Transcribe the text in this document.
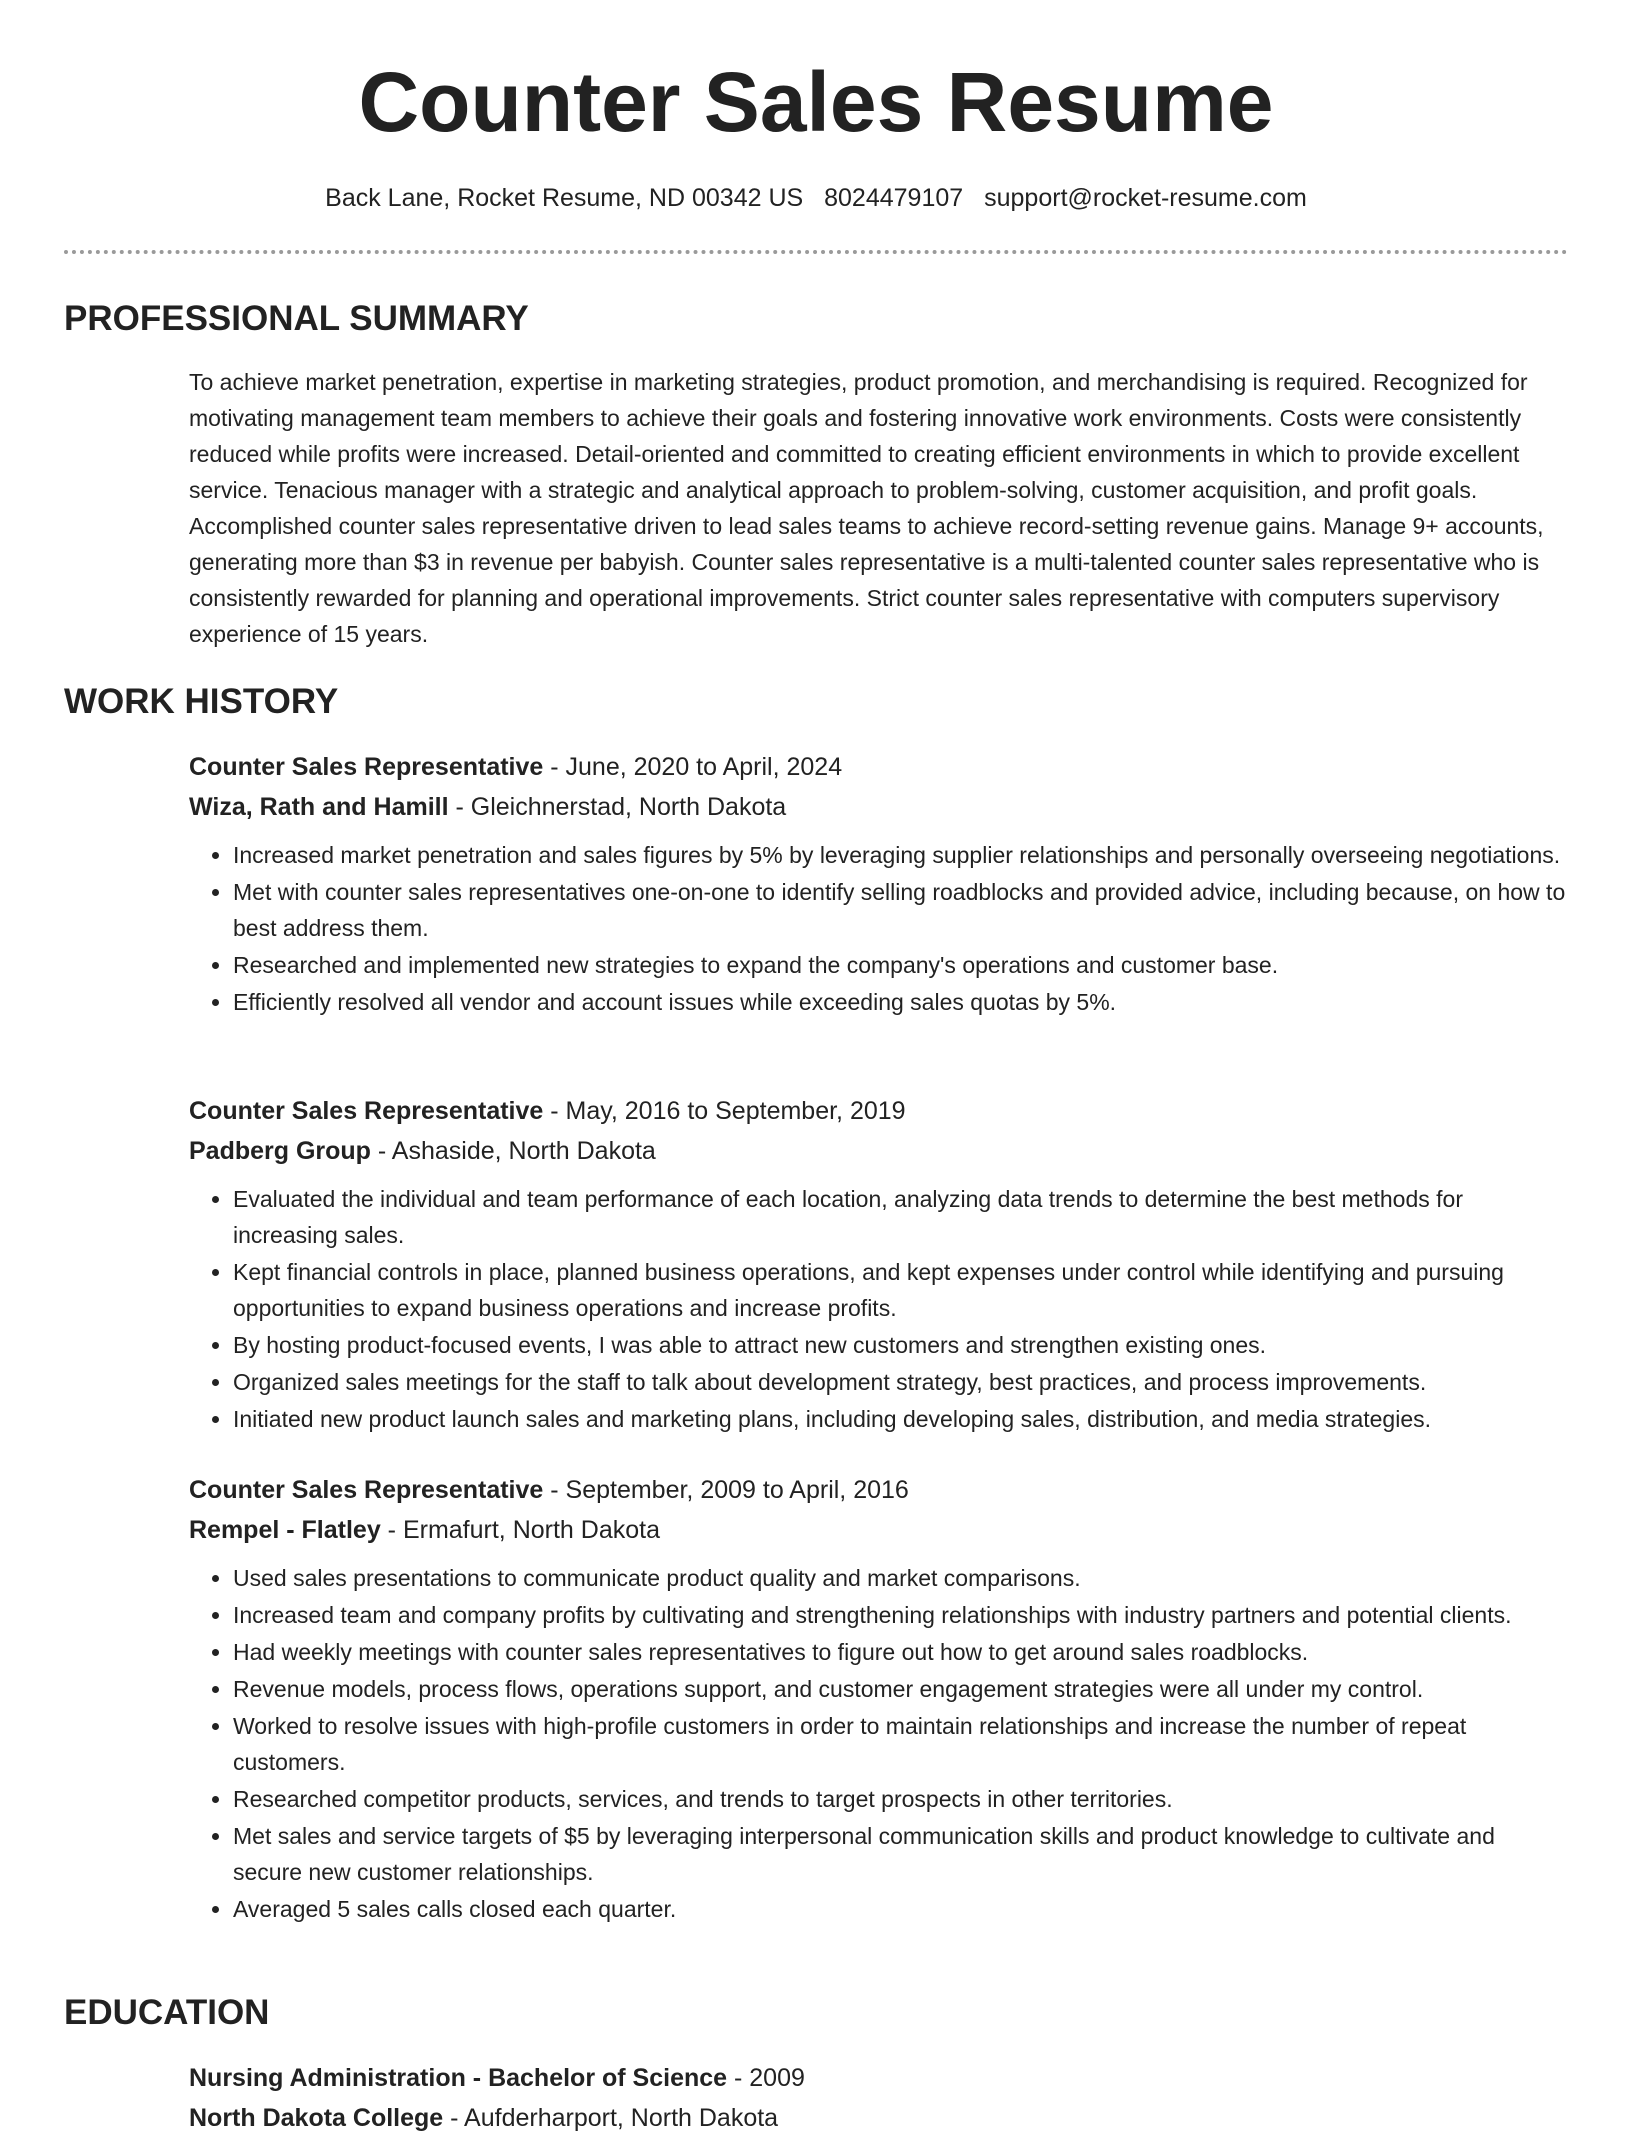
Counter Sales Resume
Back Lane, Rocket Resume, ND 00342 US 8024479107 support@rocket-resume.com
PROFESSIONAL SUMMARY

To achieve market penetration, expertise in marketing strategies, product promotion, and merchandising is required. Recognized for motivating management team members to achieve their goals and fostering innovative work environments. Costs were consistently reduced while profits were increased. Detail-oriented and committed to creating efficient environments in which to provide excellent service. Tenacious manager with a strategic and analytical approach to problem-solving, customer acquisition, and profit goals. Accomplished counter sales representative driven to lead sales teams to achieve record-setting revenue gains. Manage 9+ accounts, generating more than $3 in revenue per babyish. Counter sales representative is a multi-talented counter sales representative who is consistently rewarded for planning and operational improvements. Strict counter sales representative with computers supervisory experience of 15 years.

WORK HISTORY
Counter Sales Representative - June, 2020 to April, 2024
Wiza, Rath and Hamill - Gleichnerstad, North Dakota
• Increased market penetration and sales figures by 5% by leveraging supplier relationships and personally overseeing negotiations.
• Met with counter sales representatives one-on-one to identify selling roadblocks and provided advice, including because, on how to best address them.
• Researched and implemented new strategies to expand the company's operations and customer base.
• Efficiently resolved all vendor and account issues while exceeding sales quotas by 5%.
Counter Sales Representative - May, 2016 to September, 2019
Padberg Group - Ashaside, North Dakota
• Evaluated the individual and team performance of each location, analyzing data trends to determine the best methods for increasing sales.
• Kept financial controls in place, planned business operations, and kept expenses under control while identifying and pursuing opportunities to expand business operations and increase profits.
• By hosting product-focused events, I was able to attract new customers and strengthen existing ones.
• Organized sales meetings for the staff to talk about development strategy, best practices, and process improvements.
• Initiated new product launch sales and marketing plans, including developing sales, distribution, and media strategies.
Counter Sales Representative - September, 2009 to April, 2016
Rempel - Flatley - Ermafurt, North Dakota
• Used sales presentations to communicate product quality and market comparisons.
• Increased team and company profits by cultivating and strengthening relationships with industry partners and potential clients.
• Had weekly meetings with counter sales representatives to figure out how to get around sales roadblocks.
• Revenue models, process flows, operations support, and customer engagement strategies were all under my control.
• Worked to resolve issues with high-profile customers in order to maintain relationships and increase the number of repeat customers.
• Researched competitor products, services, and trends to target prospects in other territories.
• Met sales and service targets of $5 by leveraging interpersonal communication skills and product knowledge to cultivate and secure new customer relationships.
• Averaged 5 sales calls closed each quarter.
EDUCATION
Nursing Administration - Bachelor of Science - 2009
North Dakota College - Aufderharport, North Dakota
